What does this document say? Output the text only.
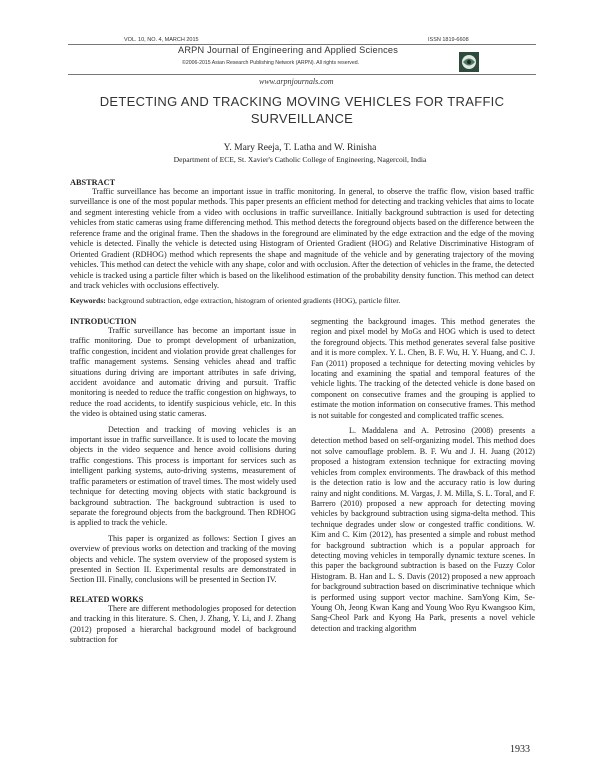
VOL. 10, NO. 4, MARCH 2015	ISSN 1819-6608
ARPN Journal of Engineering and Applied Sciences
©2006-2015 Asian Research Publishing Network (ARPN). All rights reserved.
www.arpnjournals.com
DETECTING AND TRACKING MOVING VEHICLES FOR TRAFFIC
SURVEILLANCE
Y. Mary Reeja, T. Latha and W. Rinisha
Department of ECE, St. Xavier's Catholic College of Engineering, Nagercoil, India
ABSTRACT
Traffic surveillance has become an important issue in traffic monitoring. In general, to observe the traffic flow, vision based traffic surveillance is one of the most popular methods. This paper presents an efficient method for detecting and tracking vehicles that aims to locate and segment interesting vehicle from a video with occlusions in traffic surveillance. Initially background subtraction is used for detecting vehicles from static cameras using frame differencing method. This method detects the foreground objects based on the difference between the reference frame and the original frame. Then the shadows in the foreground are eliminated by the edge extraction and the edge of the moving vehicle is detected. Finally the vehicle is detected using Histogram of Oriented Gradient (HOG) and Relative Discriminative Histogram of Oriented Gradient (RDHOG) method which represents the shape and magnitude of the vehicle and by generating trajectory of the moving vehicles. This method can detect the vehicle with any shape, color and with occlusion. After the detection of vehicles in the frame, the detected vehicle is tracked using a particle filter which is based on the likelihood estimation of the probability density function. This method can detect and track vehicles with occlusions effectively.
Keywords: background subtraction, edge extraction, histogram of oriented gradients (HOG), particle filter.
INTRODUCTION
Traffic surveillance has become an important issue in traffic monitoring. Due to prompt development of urbanization, traffic congestion, incident and violation provide great challenges for traffic management systems. Sensing vehicles ahead and traffic situations during driving are important attributes in safe driving, accident avoidance and automatic driving and pursuit. Traffic monitoring is needed to reduce the traffic congestion on highways, to reduce the road accidents, to identify suspicious vehicle, etc. In this the video is obtained using static cameras.
Detection and tracking of moving vehicles is an important issue in traffic surveillance. It is used to locate the moving objects in the video sequence and hence avoid collisions during traffic congestions. This process is important for services such as intelligent parking systems, auto-driving systems, measurement of traffic parameters or estimation of travel times. The most widely used technique for detecting moving objects with static background is background subtraction. The background subtraction is used to separate the foreground objects from the background. Then RDHOG is applied to track the vehicle.
This paper is organized as follows: Section I gives an overview of previous works on detection and tracking of the moving objects and vehicle. The system overview of the proposed system is presented in Section II. Experimental results are demonstrated in Section III. Finally, conclusions will be presented in Section IV.
RELATED WORKS
There are different methodologies proposed for detection and tracking in this literature. S. Chen, J. Zhang, Y. Li, and J. Zhang (2012) proposed a hierarchal background model of background subtraction for
segmenting the background images. This method generates the region and pixel model by MoGs and HOG which is used to detect the foreground objects. This method generates several false positive and it is more complex. Y. L. Chen, B. F. Wu, H. Y. Huang, and C. J. Fan (2011) proposed a technique for detecting moving vehicles by locating and examining the spatial and temporal features of the vehicle lights. The tracking of the detected vehicle is done based on component on consecutive frames and the grouping is applied to estimate the motion information on consecutive frames. This method is not suitable for congested and complicated traffic scenes.
L. Maddalena and A. Petrosino (2008) presents a detection method based on self-organizing model. This method does not solve camouflage problem. B. F. Wu and J. H. Juang (2012) proposed a histogram extension technique for extracting moving vehicles from complex environments. The drawback of this method is the detection ratio is low and the accuracy ratio is low during rainy and night conditions. M. Vargas, J. M. Milla, S. L. Toral, and F. Barrero (2010) proposed a new approach for detecting moving vehicles by background subtraction using sigma-delta method. This technique degrades under slow or congested traffic conditions. W. Kim and C. Kim (2012), has presented a simple and robust method for background subtraction which is a popular approach for detecting moving vehicles in temporally dynamic texture scenes. In this paper the background subtraction is based on the Fuzzy Color Histogram. B. Han and L. S. Davis (2012) proposed a new approach for background subtraction based on discriminative technique which is performed using support vector machine. SamYong Kim, Se-Young Oh, Jeong Kwan Kang and Young Woo Ryu Kwangsoo Kim, Sang-Cheol Park and Kyong Ha Park, presents a novel vehicle detection and tracking algorithm
1933
